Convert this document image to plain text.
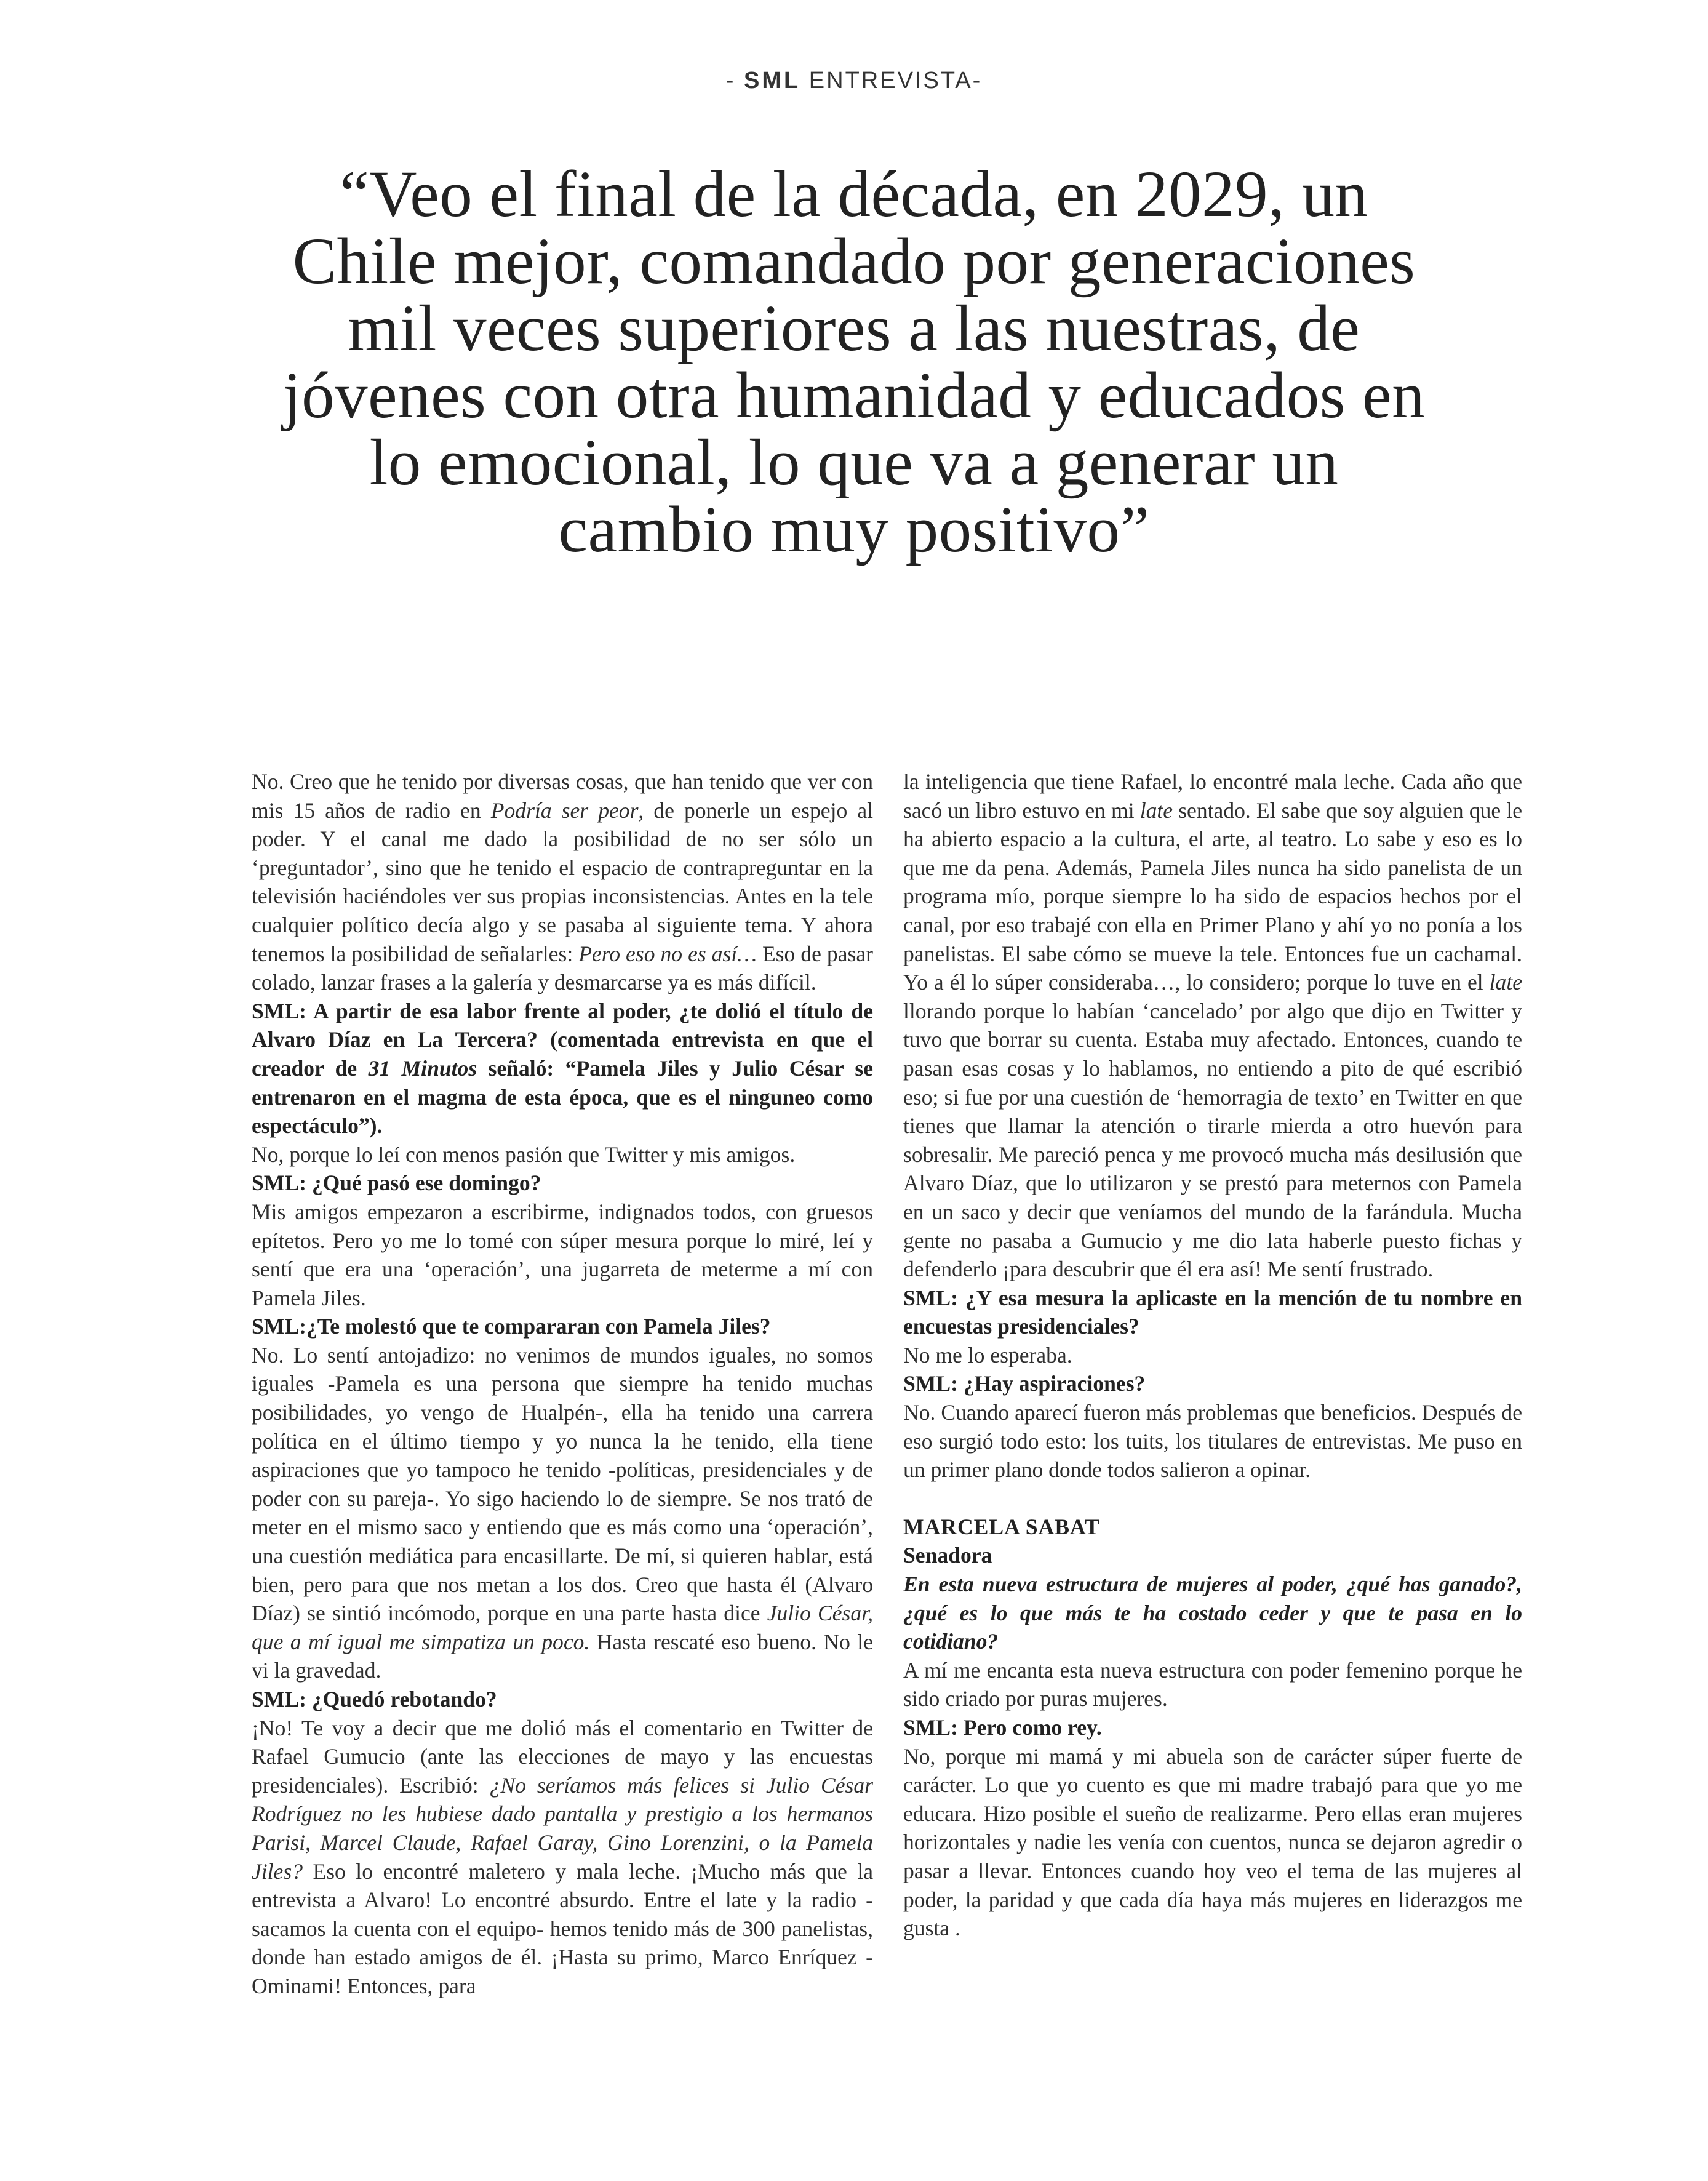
- SML ENTREVISTA-
“Veo el final de la década, en 2029, un Chile mejor, comandado por generaciones mil veces superiores a las nuestras, de jóvenes con otra humanidad y educados en lo emocional, lo que va a generar un cambio muy positivo”

No. Creo que he tenido por diversas cosas, que han tenido que ver con mis 15 años de radio en Podría ser peor, de ponerle un espejo al poder. Y el canal me dado la posibilidad de no ser sólo un ‘preguntador’, sino que he tenido el espacio de contrapreguntar en la televisión haciéndoles ver sus propias inconsistencias. Antes en la tele cualquier político decía algo y se pasaba al siguiente tema. Y ahora tenemos la posibilidad de señalarles: Pero eso no es así… Eso de pasar colado, lanzar frases a la galería y desmarcarse ya es más difícil.

SML: A partir de esa labor frente al poder, ¿te dolió el título de Alvaro Díaz en La Tercera? (comentada entrevista en que el creador de 31 Minutos señaló: “Pamela Jiles y Julio César se entrenaron en el magma de esta época, que es el ninguneo como espectáculo”).

No, porque lo leí con menos pasión que Twitter y mis amigos.

SML: ¿Qué pasó ese domingo?

Mis amigos empezaron a escribirme, indignados todos, con gruesos epítetos. Pero yo me lo tomé con súper mesura porque lo miré, leí y sentí que era una ‘operación’, una jugarreta de meterme a mí con Pamela Jiles.

SML:¿Te molestó que te compararan con Pamela Jiles?

No. Lo sentí antojadizo: no venimos de mundos iguales, no somos iguales -Pamela es una persona que siempre ha tenido muchas posibilidades, yo vengo de Hualpén-, ella ha tenido una carrera política en el último tiempo y yo nunca la he tenido, ella tiene aspiraciones que yo tampoco he tenido -políticas, presidenciales y de poder con su pareja-. Yo sigo haciendo lo de siempre. Se nos trató de meter en el mismo saco y entiendo que es más como una ‘operación’, una cuestión mediática para encasillarte. De mí, si quieren hablar, está bien, pero para que nos metan a los dos. Creo que hasta él (Alvaro Díaz) se sintió incómodo, porque en una parte hasta dice Julio César, que a mí igual me simpatiza un poco. Hasta rescaté eso bueno. No le vi la gravedad.

SML: ¿Quedó rebotando?

¡No! Te voy a decir que me dolió más el comentario en Twitter de Rafael Gumucio (ante las elecciones de mayo y las encuestas presidenciales). Escribió: ¿No seríamos más felices si Julio César Rodríguez no les hubiese dado pantalla y prestigio a los hermanos Parisi, Marcel Claude, Rafael Garay, Gino Lorenzini, o la Pamela Jiles? Eso lo encontré maletero y mala leche. ¡Mucho más que la entrevista a Alvaro! Lo encontré absurdo. Entre el late y la radio -sacamos la cuenta con el equipo- hemos tenido más de 300 panelistas, donde han estado amigos de él. ¡Hasta su primo, Marco Enríquez - Ominami! Entonces, para

la inteligencia que tiene Rafael, lo encontré mala leche. Cada año que sacó un libro estuvo en mi late sentado. El sabe que soy alguien que le ha abierto espacio a la cultura, el arte, al teatro. Lo sabe y eso es lo que me da pena. Además, Pamela Jiles nunca ha sido panelista de un programa mío, porque siempre lo ha sido de espacios hechos por el canal, por eso trabajé con ella en Primer Plano y ahí yo no ponía a los panelistas. El sabe cómo se mueve la tele. Entonces fue un cachamal. Yo a él lo súper consideraba…, lo considero; porque lo tuve en el late llorando porque lo habían ‘cancelado’ por algo que dijo en Twitter y tuvo que borrar su cuenta. Estaba muy afectado. Entonces, cuando te pasan esas cosas y lo hablamos, no entiendo a pito de qué escribió eso; si fue por una cuestión de ‘hemorragia de texto’ en Twitter en que tienes que llamar la atención o tirarle mierda a otro huevón para sobresalir. Me pareció penca y me provocó mucha más desilusión que Alvaro Díaz, que lo utilizaron y se prestó para meternos con Pamela en un saco y decir que veníamos del mundo de la farándula. Mucha gente no pasaba a Gumucio y me dio lata haberle puesto fichas y defenderlo ¡para descubrir que él era así! Me sentí frustrado.

SML: ¿Y esa mesura la aplicaste en la mención de tu nombre en encuestas presidenciales?

No me lo esperaba.

SML: ¿Hay aspiraciones?

No. Cuando aparecí fueron más problemas que beneficios. Después de eso surgió todo esto: los tuits, los titulares de entrevistas. Me puso en un primer plano donde todos salieron a opinar.

MARCELA SABAT

Senadora

En esta nueva estructura de mujeres al poder, ¿qué has ganado?, ¿qué es lo que más te ha costado ceder y que te pasa en lo cotidiano?

A mí me encanta esta nueva estructura con poder femenino porque he sido criado por puras mujeres.

SML: Pero como rey.

No, porque mi mamá y mi abuela son de carácter súper fuerte de carácter. Lo que yo cuento es que mi madre trabajó para que yo me educara. Hizo posible el sueño de realizarme. Pero ellas eran mujeres horizontales y nadie les venía con cuentos, nunca se dejaron agredir o pasar a llevar. Entonces cuando hoy veo el tema de las mujeres al poder, la paridad y que cada día haya más mujeres en liderazgos me gusta .
